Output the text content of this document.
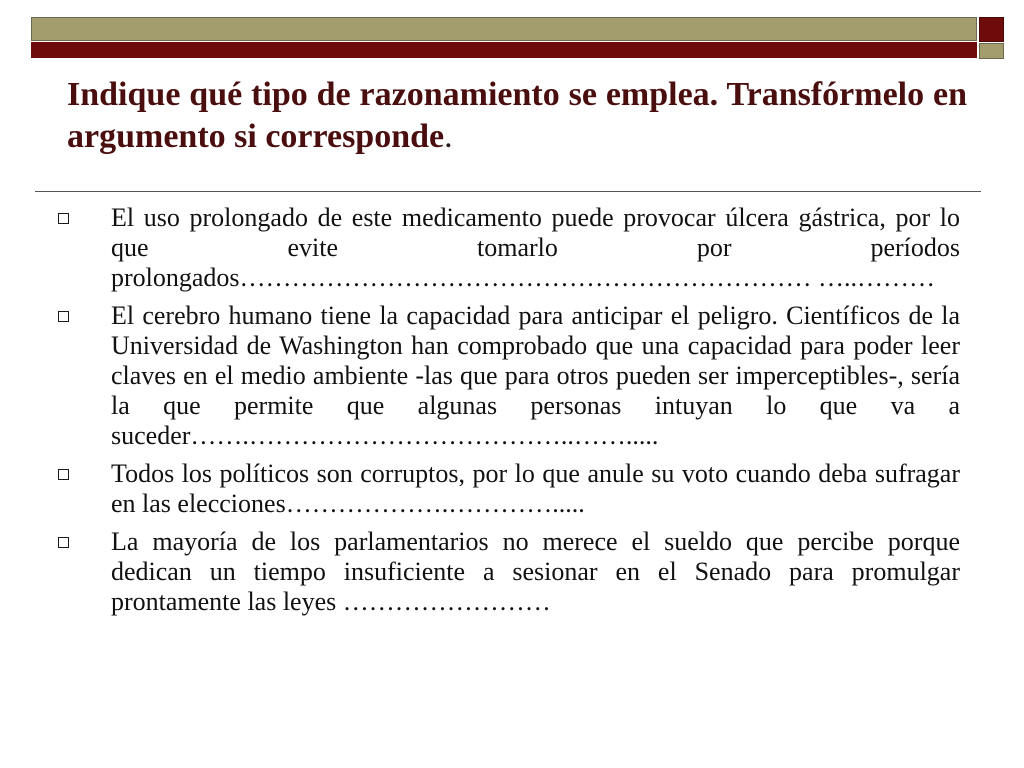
Indique qué tipo de razonamiento se emplea. Transfórmelo en argumento si corresponde.
El uso prolongado de este medicamento puede provocar úlcera gástrica, por lo que evite tomarlo por períodos prolongados………………………………………………………… …..………
El cerebro humano tiene la capacidad para anticipar el peligro. Científicos de la Universidad de Washington han comprobado que una capacidad para poder leer claves en el medio ambiente -las que para otros pueden ser imperceptibles-, sería la que permite que algunas personas intuyan lo que va a suceder…….………………………………..…….....
Todos los políticos son corruptos, por lo que anule su voto cuando deba sufragar en las elecciones……………….………….....
La mayoría de los parlamentarios no merece el sueldo que percibe porque dedican un tiempo insuficiente a sesionar en el Senado para promulgar prontamente las leyes ……………………
